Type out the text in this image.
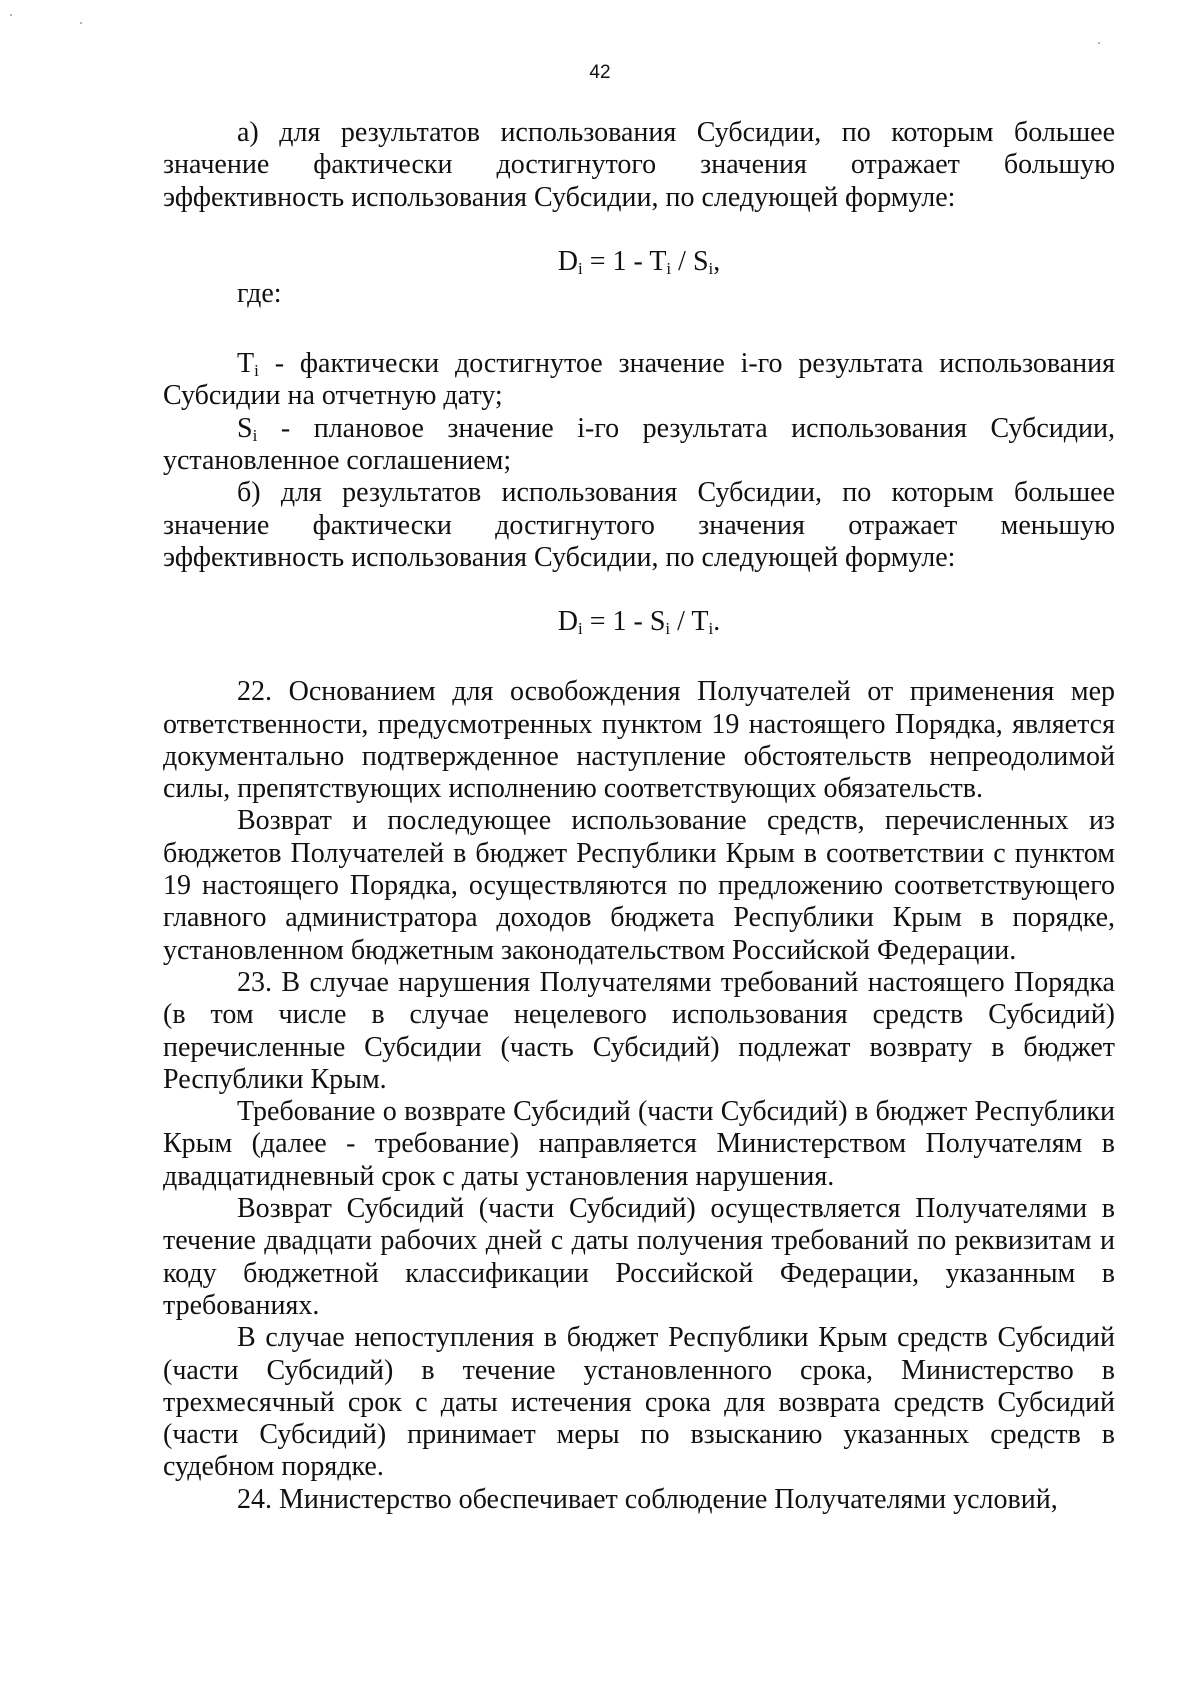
42

а) для результатов использования Субсидии, по которым большее значение фактически достигнутого значения отражает большую эффективность использования Субсидии, по следующей формуле:

$D_i = 1 - T_i / S_i$,

где:

$T_i$ - фактически достигнутое значение i-го результата использования Субсидии на отчетную дату;

$S_i$ - плановое значение i-го результата использования Субсидии, установленное соглашением;

б) для результатов использования Субсидии, по которым большее значение фактически достигнутого значения отражает меньшую эффективность использования Субсидии, по следующей формуле:

$D_i = 1 - S_i / T_i$.

22. Основанием для освобождения Получателей от применения мер ответственности, предусмотренных пунктом 19 настоящего Порядка, является документально подтвержденное наступление обстоятельств непреодолимой силы, препятствующих исполнению соответствующих обязательств.

Возврат и последующее использование средств, перечисленных из бюджетов Получателей в бюджет Республики Крым в соответствии с пунктом 19 настоящего Порядка, осуществляются по предложению соответствующего главного администратора доходов бюджета Республики Крым в порядке, установленном бюджетным законодательством Российской Федерации.

23. В случае нарушения Получателями требований настоящего Порядка (в том числе в случае нецелевого использования средств Субсидий) перечисленные Субсидии (часть Субсидий) подлежат возврату в бюджет Республики Крым.

Требование о возврате Субсидий (части Субсидий) в бюджет Республики Крым (далее - требование) направляется Министерством Получателям в двадцатидневный срок с даты установления нарушения.

Возврат Субсидий (части Субсидий) осуществляется Получателями в течение двадцати рабочих дней с даты получения требований по реквизитам и коду бюджетной классификации Российской Федерации, указанным в требованиях.

В случае непоступления в бюджет Республики Крым средств Субсидий (части Субсидий) в течение установленного срока, Министерство в трехмесячный срок с даты истечения срока для возврата средств Субсидий (части Субсидий) принимает меры по взысканию указанных средств в судебном порядке.

24. Министерство обеспечивает соблюдение Получателями условий,
